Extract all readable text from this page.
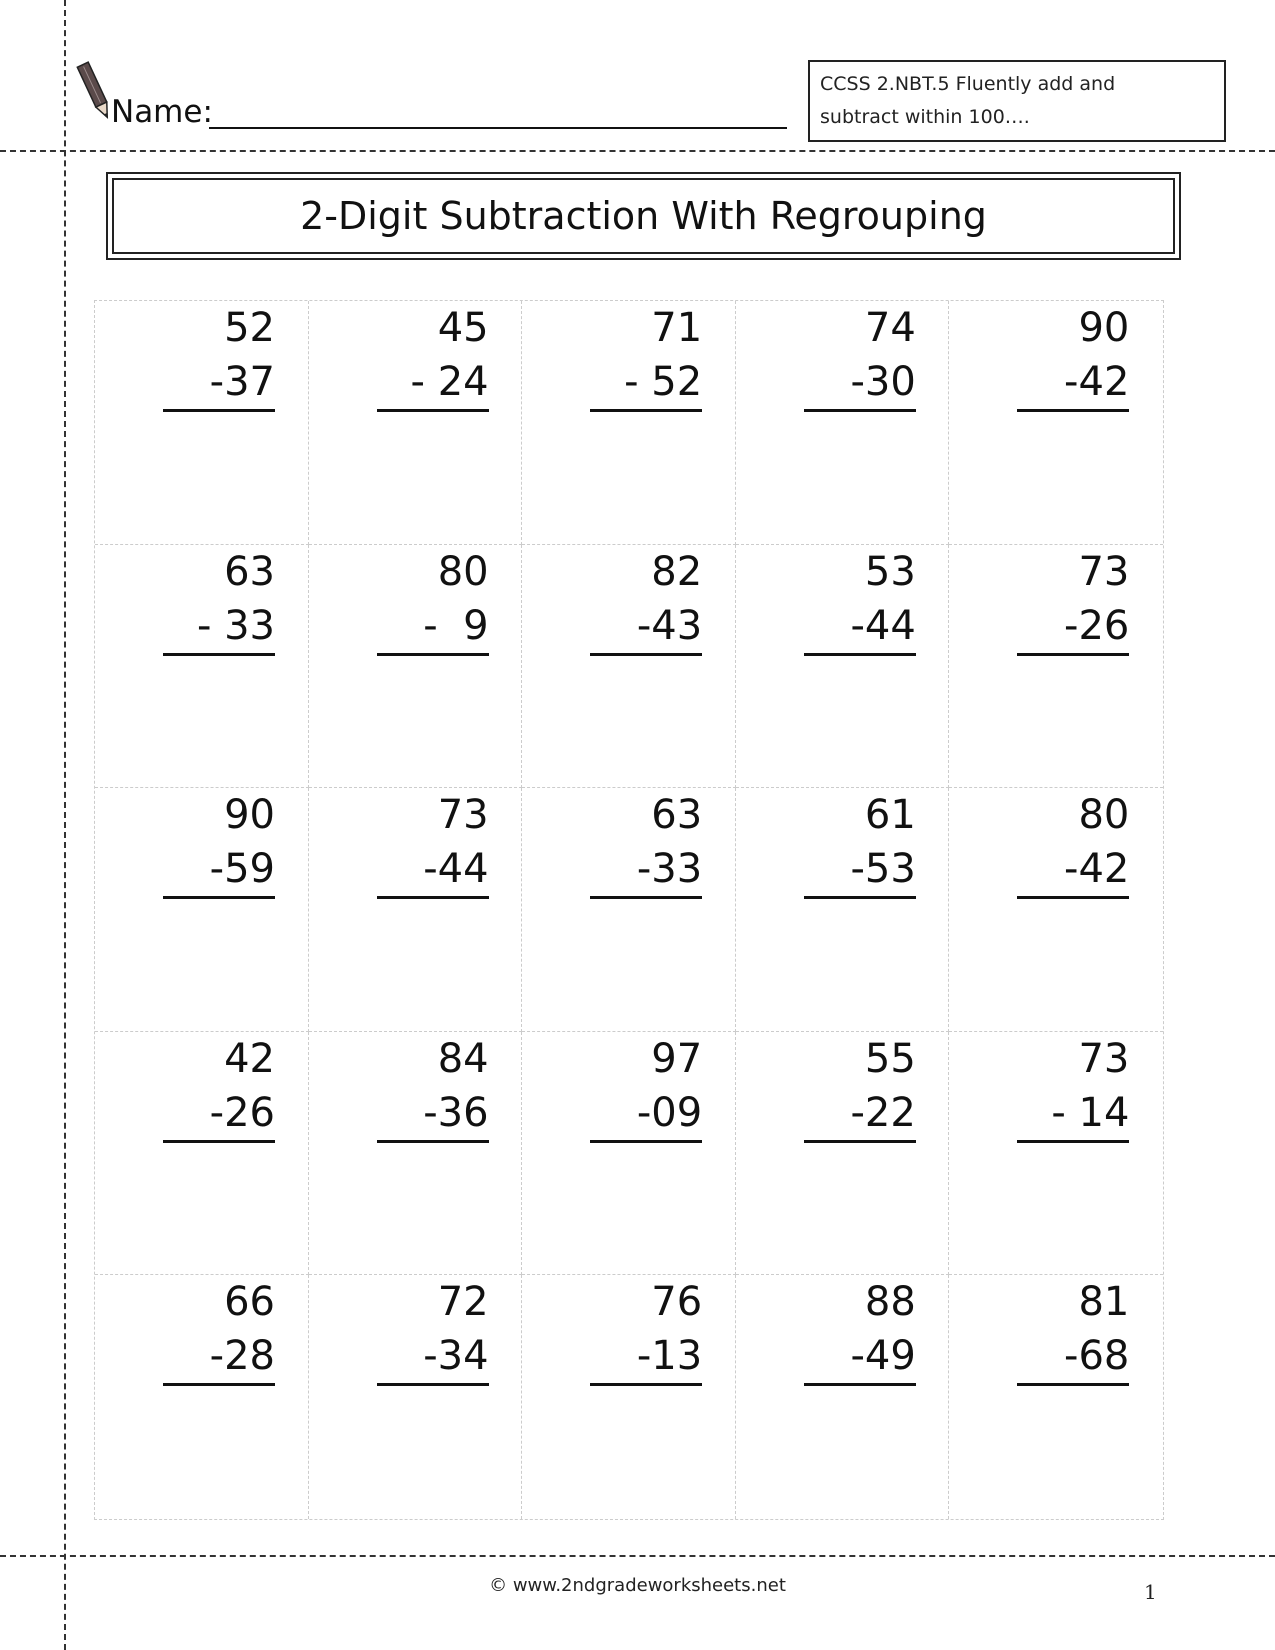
Name:
CCSS 2.NBT.5 Fluently add and
subtract within 100….
2-Digit Subtraction With Regrouping
52
-37
45
- 24
71
- 52
74
-30
90
-42
63
- 33
80
-  9
82
-43
53
-44
73
-26
90
-59
73
-44
63
-33
61
-53
80
-42
42
-26
84
-36
97
-09
55
-22
73
- 14
66
-28
72
-34
76
-13
88
-49
81
-68
© www.2ndgradeworksheets.net	1
